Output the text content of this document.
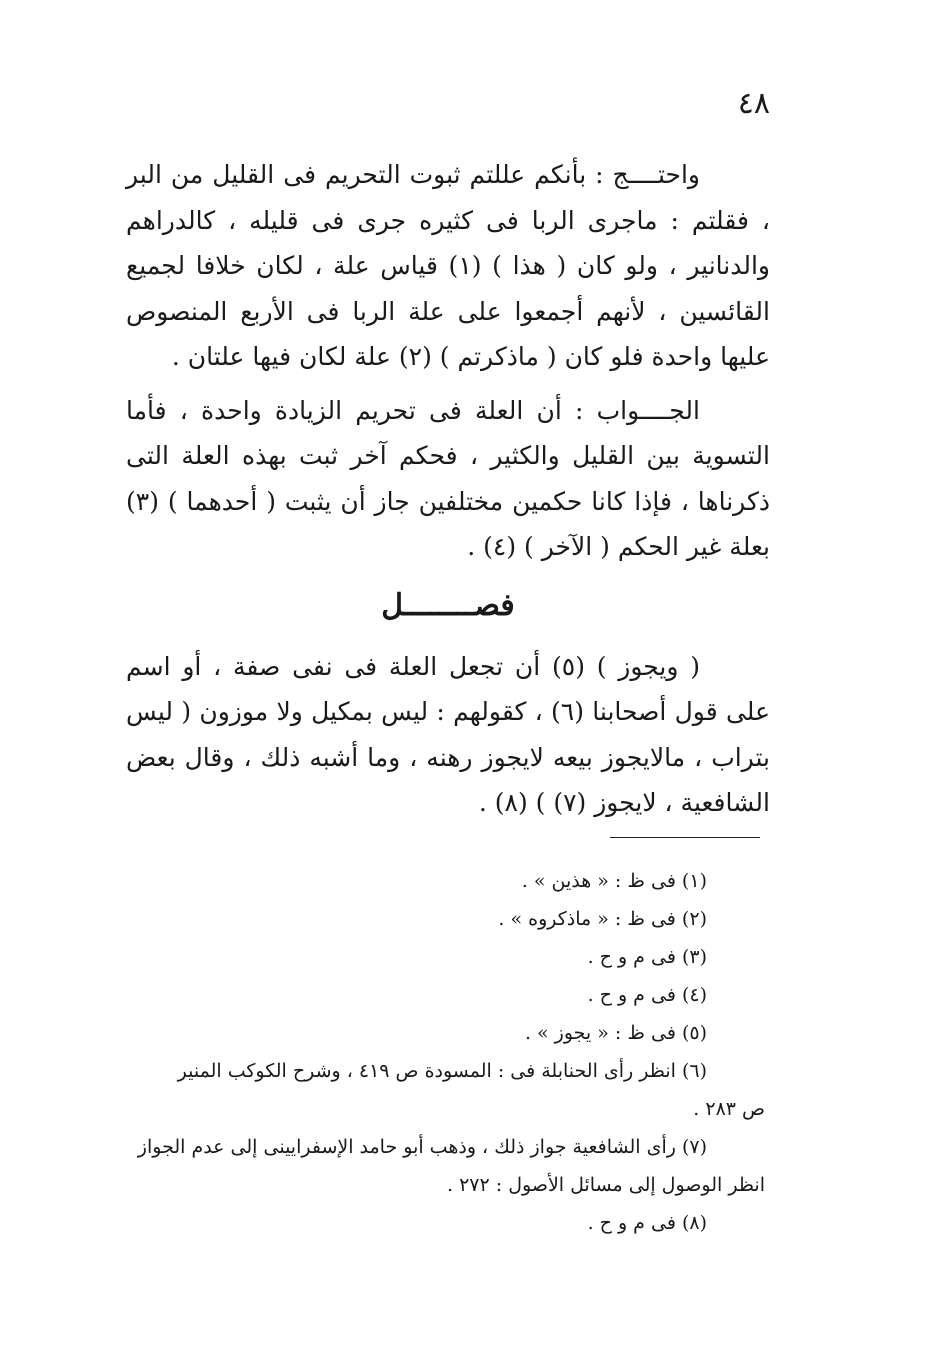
٤٨

واحتــــج : بأنكم عللتم ثبوت التحريم فى القليل من البر ، فقلتم : ماجرى الربا فى كثيره جرى فى قليله ، كالدراهم والدنانير ، ولو كان ( هذا ) (١) قياس علة ، لكان خلافا لجميع القائسين ، لأنهم أجمعوا على علة الربا فى الأربع المنصوص عليها واحدة فلو كان ( ماذكرتم ) (٢) علة لكان فيها علتان .

الجــــواب : أن العلة فى تحريم الزيادة واحدة ، فأما التسوية بين القليل والكثير ، فحكم آخر ثبت بهذه العلة التى ذكرناها ، فإذا كانا حكمين مختلفين جاز أن يثبت ( أحدهما ) (٣) بعلة غير الحكم ( الآخر ) (٤) .

فصــــــــل

( ويجوز ) (٥) أن تجعل العلة فى نفى صفة ، أو اسم على قول أصحابنا (٦) ، كقولهم : ليس بمكيل ولا موزون ( ليس بتراب ، مالايجوز بيعه لايجوز رهنه ، وما أشبه ذلك ، وقال بعض الشافعية ، لايجوز (٧) ) (٨) .

(١) فى ظ : « هذين » .

(٢) فى ظ : « ماذكروه » .

(٣) فى م و ح .

(٤) فى م و ح .

(٥) فى ظ : « يجوز » .

(٦) انظر رأى الحنابلة فى : المسودة ص ٤١٩ ، وشرح الكوكب المنير

ص ٢٨٣ .

(٧) رأى الشافعية جواز ذلك ، وذهب أبو حامد الإسفرايينى إلى عدم الجواز

انظر الوصول إلى مسائل الأصول : ٢٧٢ .

(٨) فى م و ح .
